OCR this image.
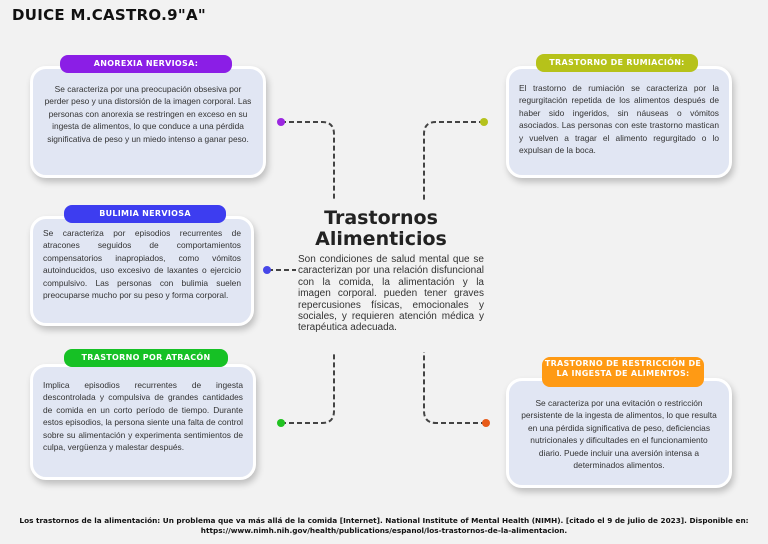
DUICE M.CASTRO.9"A"

Se caracteriza por una preocupación obsesiva por perder peso y una distorsión de la imagen corporal. Las personas con anorexia se restringen en exceso en su ingesta de alimentos, lo que conduce a una pérdida significativa de peso y un miedo intenso a ganar peso.

ANOREXIA NERVIOSA:

Se caracteriza por episodios recurrentes de atracones seguidos de comportamientos compensatorios inapropiados, como vómitos autoinducidos, uso excesivo de laxantes o ejercicio compulsivo. Las personas con bulimia suelen preocuparse mucho por su peso y forma corporal.

BULIMIA NERVIOSA

Implica episodios recurrentes de ingesta descontrolada y compulsiva de grandes cantidades de comida en un corto período de tiempo. Durante estos episodios, la persona siente una falta de control sobre su alimentación y experimenta sentimientos de culpa, vergüenza y malestar después.

TRASTORNO POR ATRACÓN

El trastorno de rumiación se caracteriza por la regurgitación repetida de los alimentos después de haber sido ingeridos, sin náuseas o vómitos asociados. Las personas con este trastorno mastican y vuelven a tragar el alimento regurgitado o lo expulsan de la boca.

TRASTORNO DE RUMIACIÓN:

Se caracteriza por una evitación o restricción persistente de la ingesta de alimentos, lo que resulta en una pérdida significativa de peso, deficiencias nutricionales y dificultades en el funcionamiento diario. Puede incluir una aversión intensa a determinados alimentos.

TRASTORNO DE RESTRICCIÓN DE LA INGESTA DE ALIMENTOS:
Trastornos Alimenticios
Son condiciones de salud mental que se caracterizan por una relación disfuncional con la comida, la alimentación y la imagen corporal. pueden tener graves repercusiones físicas, emocionales y sociales, y requieren atención médica y terapéutica adecuada.
Los trastornos de la alimentación: Un problema que va más allá de la comida [Internet]. National Institute of Mental Health (NIMH). [citado el 9 de julio de 2023]. Disponible en: https://www.nimh.nih.gov/health/publications/espanol/los-trastornos-de-la-alimentacion.
